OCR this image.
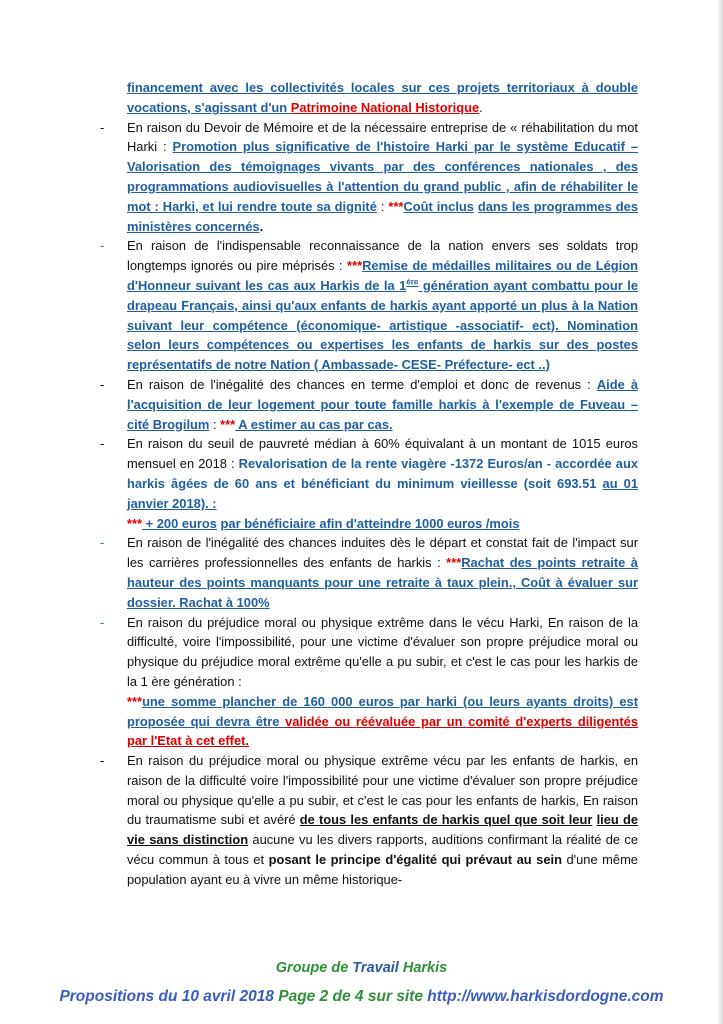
financement avec les collectivités locales sur ces projets territoriaux à double vocations, s'agissant d'un Patrimoine National Historique.

-	En raison du Devoir de Mémoire et de la nécessaire entreprise de « réhabilitation du mot Harki : Promotion plus significative de l'histoire Harki par le système Educatif – Valorisation des témoignages vivants par des conférences nationales , des programmations audiovisuelles à l'attention du grand public , afin de réhabiliter le mot : Harki, et lui rendre toute sa dignité : ***Coût inclus dans les programmes des ministères concernés.

-	En raison de l'indispensable reconnaissance de la nation envers ses soldats trop longtemps ignorés ou pire méprisés : ***Remise de médailles militaires ou de Légion d'Honneur suivant les cas aux Harkis de la 1ère génération ayant combattu pour le drapeau Français, ainsi qu'aux enfants de harkis ayant apporté un plus à la Nation suivant leur compétence (économique- artistique -associatif- ect). Nomination selon leurs compétences ou expertises les enfants de harkis sur des postes représentatifs de notre Nation ( Ambassade- CESE- Préfecture- ect ..)

-	En raison de l'inégalité des chances en terme d'emploi et donc de revenus : Aide à l'acquisition de leur logement pour toute famille harkis à l'exemple de Fuveau – cité Brogilum : *** A estimer au cas par cas.

-	En raison du seuil de pauvreté médian à 60% équivalant à un montant de 1015 euros mensuel en 2018 : Revalorisation de la rente viagère -1372 Euros/an - accordée aux harkis âgées de 60 ans et bénéficiant du minimum vieillesse (soit 693.51 au 01 janvier 2018). :

*** + 200 euros par bénéficiaire afin d'atteindre 1000 euros /mois

-	En raison de l'inégalité des chances induites dès le départ et constat fait de l'impact sur les carrières professionnelles des enfants de harkis : ***Rachat des points retraite à hauteur des points manquants pour une retraite à taux plein., Coût à évaluer sur dossier. Rachat à 100%

-	En raison du préjudice moral ou physique extrême dans le vécu Harki, En raison de la difficulté, voire l'impossibilité, pour une victime d'évaluer son propre préjudice moral ou physique du préjudice moral extrême qu'elle a pu subir, et c'est le cas pour les harkis de la 1 ère génération :

***une somme plancher de 160 000 euros par harki (ou leurs ayants droits) est proposée qui devra être validée ou réévaluée par un comité d'experts diligentés par l'Etat à cet effet.

-	En raison du préjudice moral ou physique extrême vécu par les enfants de harkis, en raison de la difficulté voire l'impossibilité pour une victime d'évaluer son propre préjudice moral ou physique qu'elle a pu subir, et c'est le cas pour les enfants de harkis, En raison du traumatisme subi et avéré de tous les enfants de harkis quel que soit leur lieu de vie sans distinction aucune vu les divers rapports, auditions confirmant la réalité de ce vécu commun à tous et posant le principe d'égalité qui prévaut au sein d'une même population ayant eu à vivre un même historique-

Groupe de Travail Harkis
Propositions du 10 avril 2018 Page 2 de 4 sur site http://www.harkisdordogne.com
